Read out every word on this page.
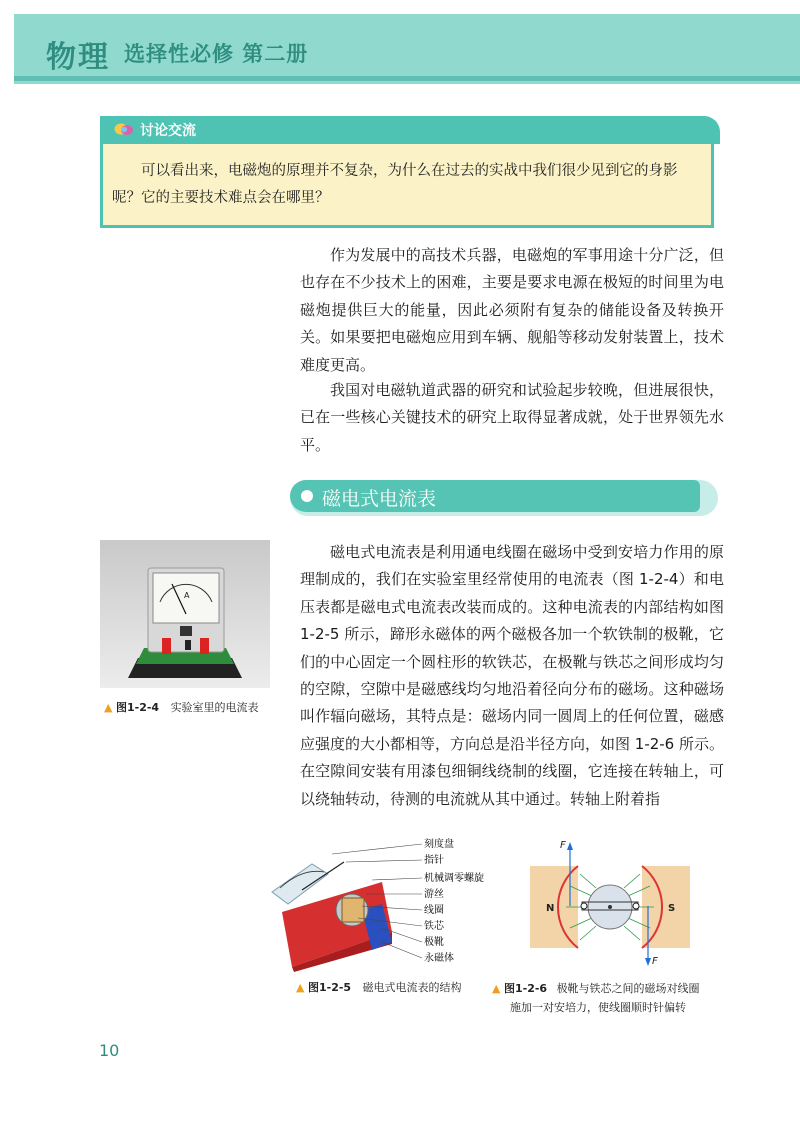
物理 选择性必修 第二册
讨论交流
可以看出来，电磁炮的原理并不复杂，为什么在过去的实战中我们很少见到它的身影呢？它的主要技术难点会在哪里？
作为发展中的高技术兵器，电磁炮的军事用途十分广泛，但也存在不少技术上的困难，主要是要求电源在极短的时间里为电磁炮提供巨大的能量，因此必须附有复杂的储能设备及转换开关。如果要把电磁炮应用到车辆、舰船等移动发射装置上，技术难度更高。
我国对电磁轨道武器的研究和试验起步较晚，但进展很快，已在一些核心关键技术的研究上取得显著成就，处于世界领先水平。
磁电式电流表
磁电式电流表是利用通电线圈在磁场中受到安培力作用的原理制成的，我们在实验室里经常使用的电流表（图 1-2-4）和电压表都是磁电式电流表改装而成的。这种电流表的内部结构如图 1-2-5 所示，蹄形永磁体的两个磁极各加一个软铁制的极靴，它们的中心固定一个圆柱形的软铁芯，在极靴与铁芯之间形成均匀的空隙，空隙中是磁感线均匀地沿着径向分布的磁场。这种磁场叫作辐向磁场，其特点是：磁场内同一圆周上的任何位置，磁感应强度的大小都相等，方向总是沿半径方向，如图 1-2-6 所示。在空隙间安装有用漆包细铜线绕制的线圈，它连接在转轴上，可以绕轴转动，待测的电流就从其中通过。转轴上附着指
A
▲ 图1-2-4 实验室里的电流表
刻度盘
指针
机械调零螺旋
游丝
线圈
铁芯
极靴
永磁体
▲ 图1-2-5 磁电式电流表的结构
F
F
N	S
▲ 图1-2-6 极靴与铁芯之间的磁场对线圈
施加一对安培力，使线圈顺时针偏转
10
